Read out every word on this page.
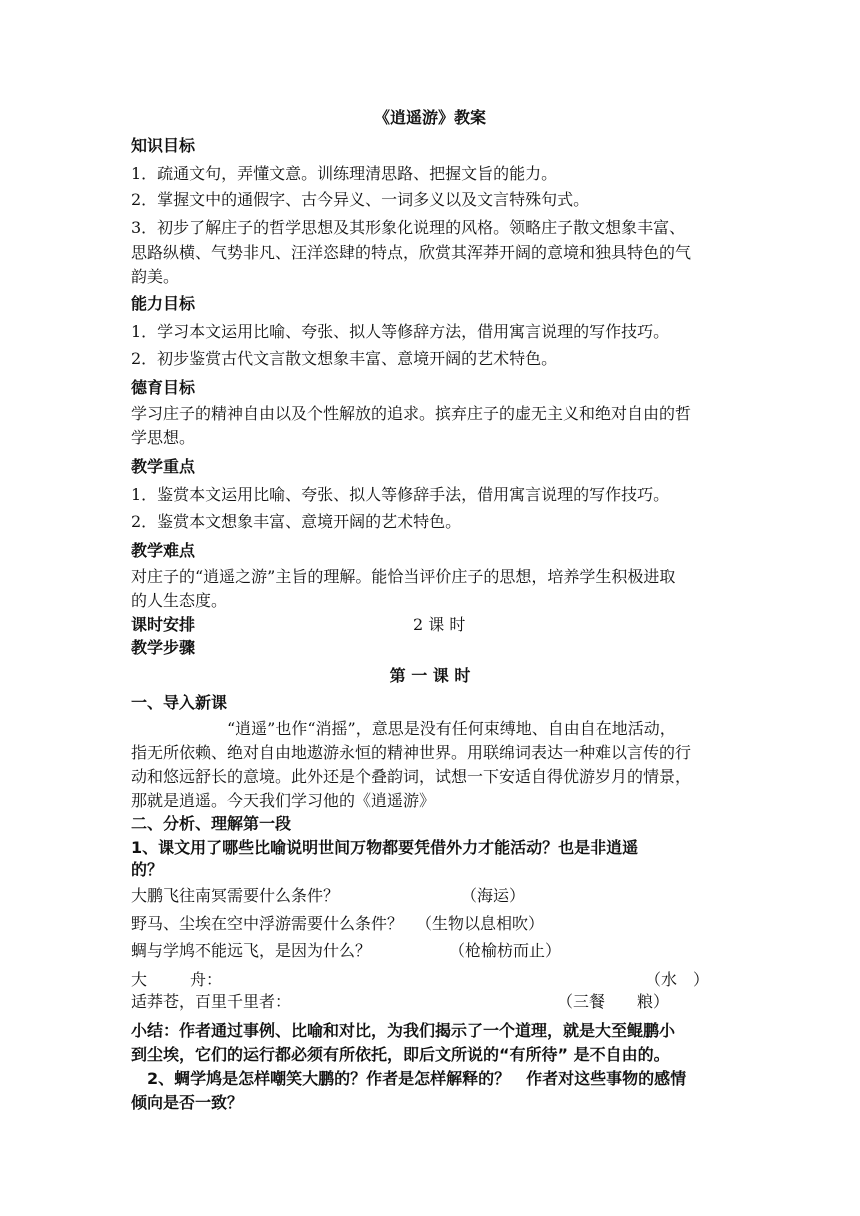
《逍遥游》教案
知识目标
1．疏通文句，弄懂文意。训练理清思路、把握文旨的能力。
2．掌握文中的通假字、古今异义、一词多义以及文言特殊句式。
3．初步了解庄子的哲学思想及其形象化说理的风格。领略庄子散文想象丰富、
思路纵横、气势非凡、汪洋恣肆的特点，欣赏其浑莽开阔的意境和独具特色的气
韵美。
能力目标
1．学习本文运用比喻、夸张、拟人等修辞方法，借用寓言说理的写作技巧。
2．初步鉴赏古代文言散文想象丰富、意境开阔的艺术特色。
德育目标
学习庄子的精神自由以及个性解放的追求。摈弃庄子的虚无主义和绝对自由的哲
学思想。
教学重点
1．鉴赏本文运用比喻、夸张、拟人等修辞手法，借用寓言说理的写作技巧。
2．鉴赏本文想象丰富、意境开阔的艺术特色。
教学难点
对庄子的“逍遥之游”主旨的理解。能恰当评价庄子的思想，培养学生积极进取
的人生态度。
课时安排	2 课 时
教学步骤
第 一 课 时
一、导入新课
“逍遥”也作“消摇”，意思是没有任何束缚地、自由自在地活动，
指无所依赖、绝对自由地遨游永恒的精神世界。用联绵词表达一种难以言传的行
动和悠远舒长的意境。此外还是个叠韵词，试想一下安适自得优游岁月的情景，
那就是逍遥。今天我们学习他的《逍遥游》
二、分析、理解第一段
1、课文用了哪些比喻说明世间万物都要凭借外力才能活动？也是非逍遥
的？
大鹏飞往南冥需要什么条件？	（海运）
野马、尘埃在空中浮游需要什么条件？ （生物以息相吹）
蜩与学鸠不能远飞，是因为什么？	（枪榆枋而止）
大	舟：	（水　）
适莽苍，百里千里者：	（三餐　　粮）
小结：作者通过事例、比喻和对比，为我们揭示了一个道理，就是大至鲲鹏小
到尘埃，它们的运行都必须有所依托，即后文所说的“有所待” 是不自由的。
2、蜩学鸠是怎样嘲笑大鹏的？作者是怎样解释的？　作者对这些事物的感情
倾向是否一致？
